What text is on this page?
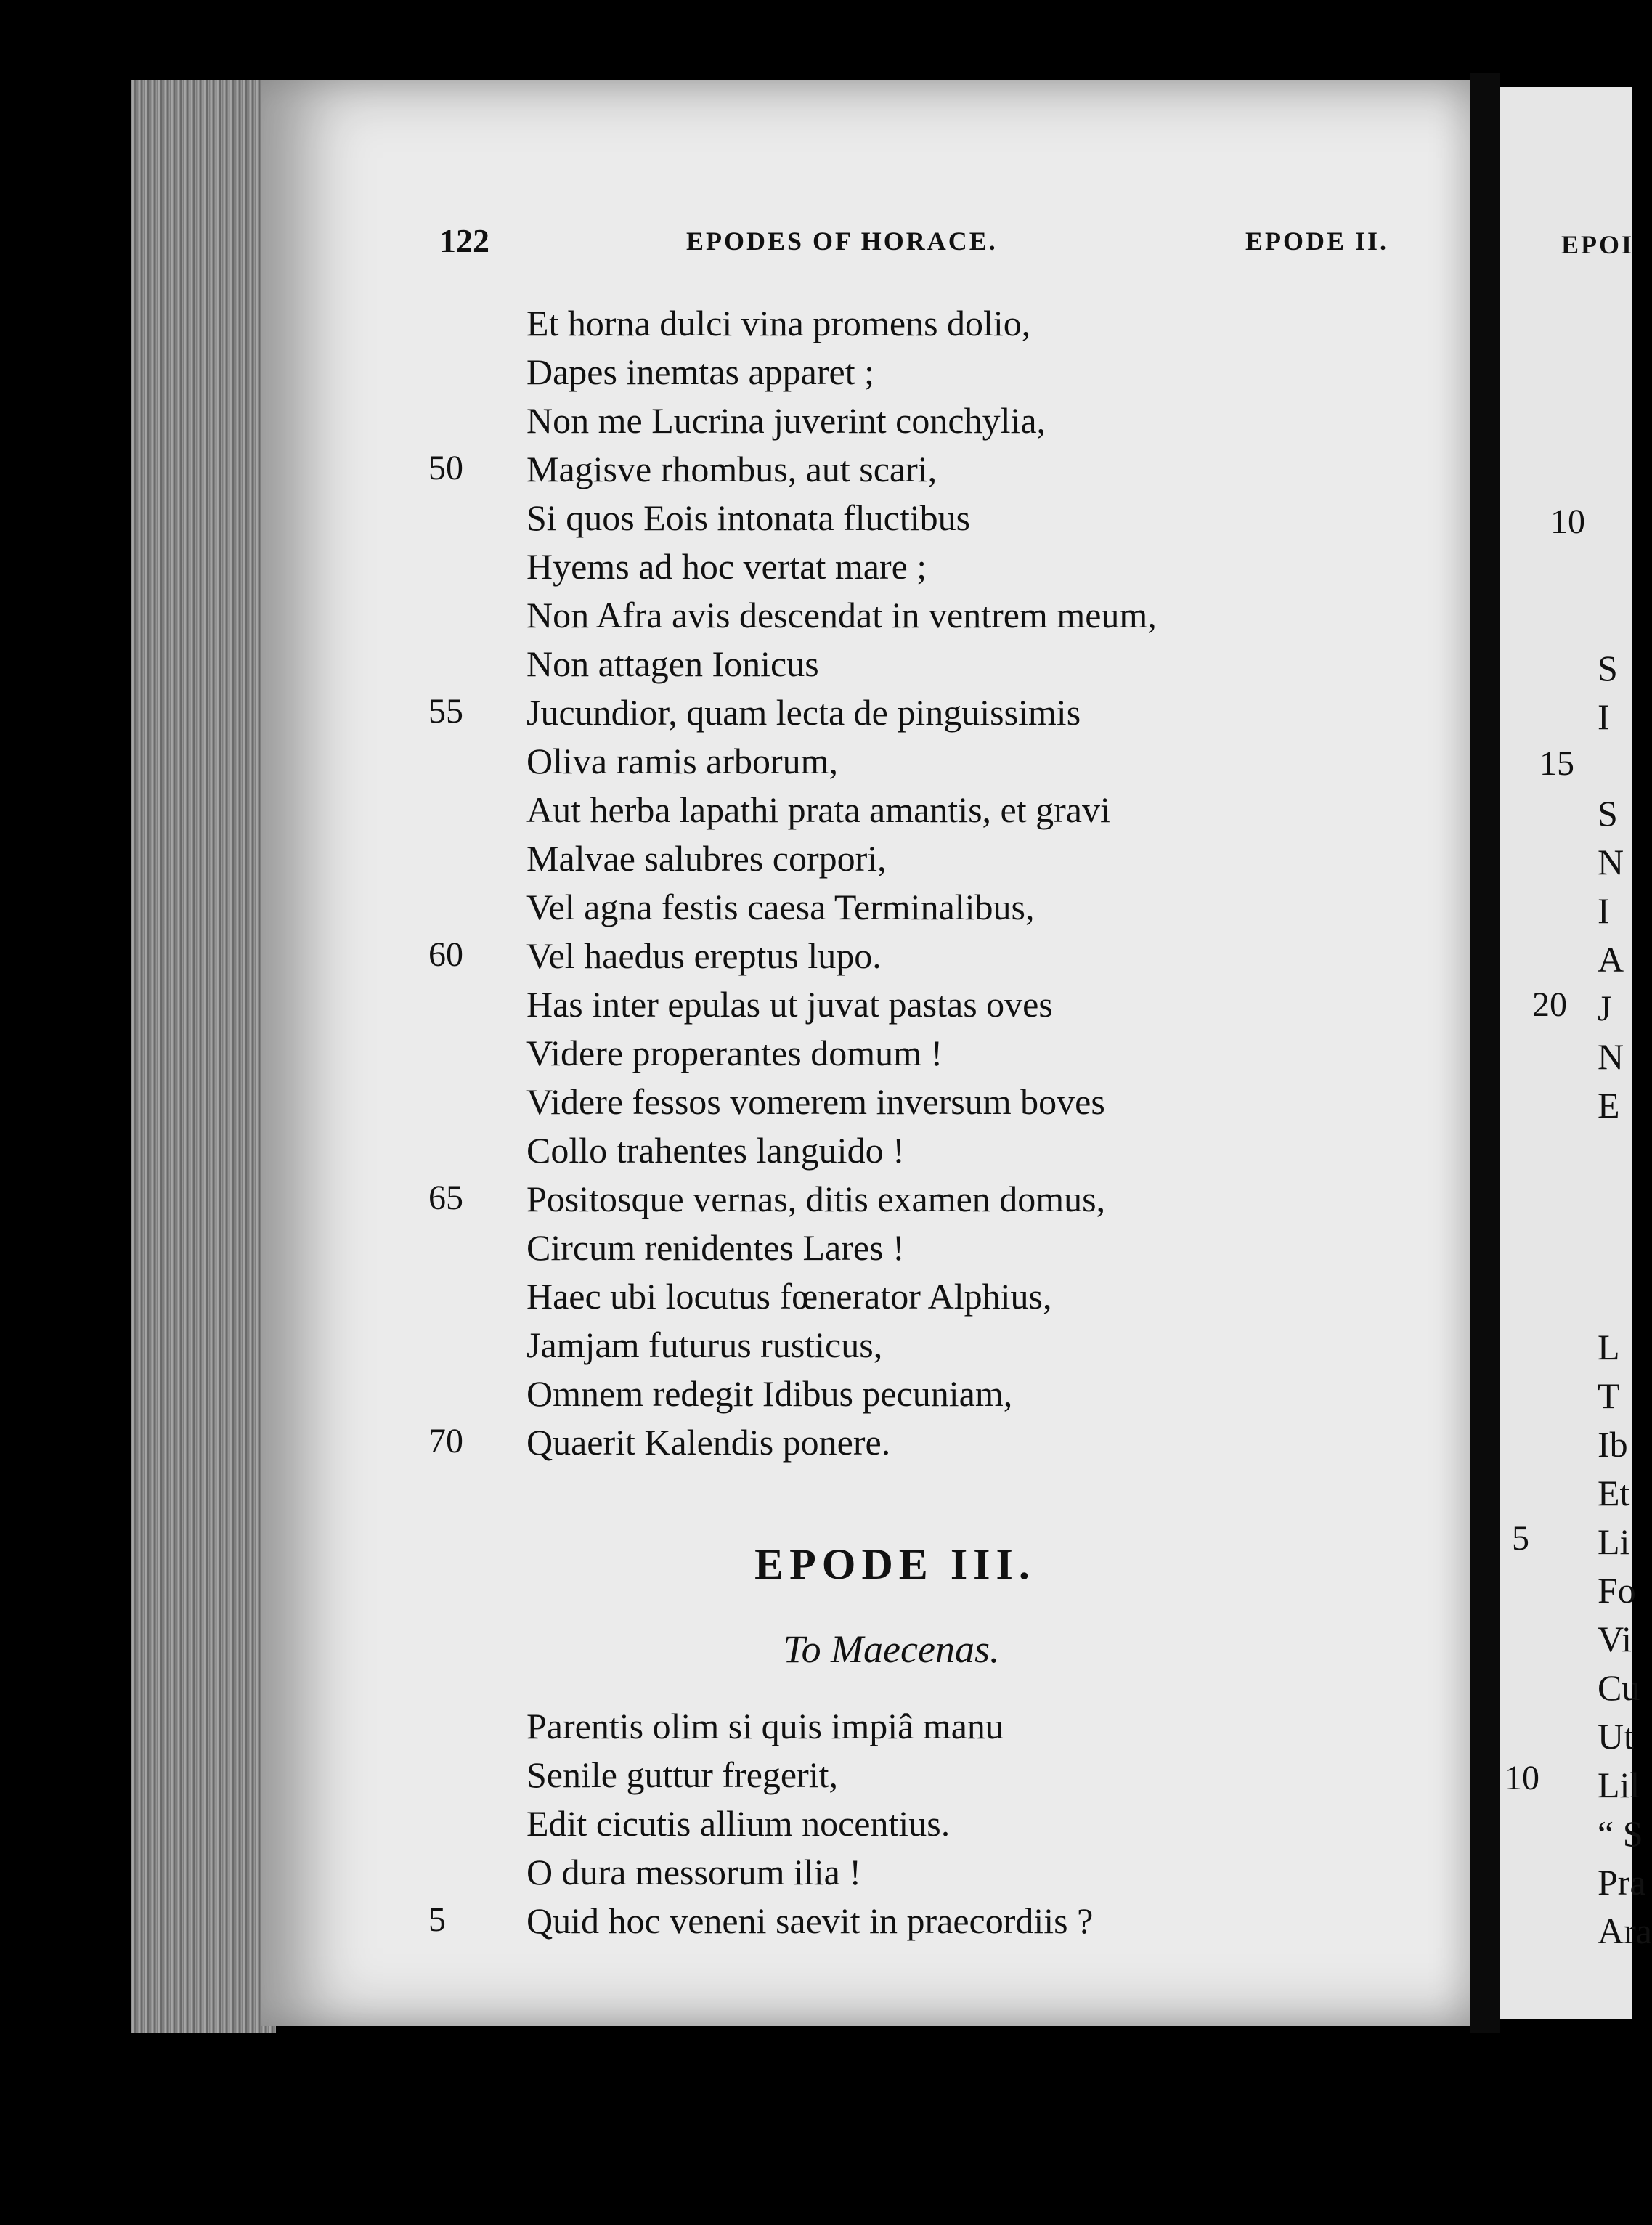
122	EPODES OF HORACE.	EPODE II.
Et horna dulci vina promens dolio,
Dapes inemtas apparet ;
Non me Lucrina juverint conchylia,
50 Magisve rhombus, aut scari,
Si quos Eois intonata fluctibus
Hyems ad hoc vertat mare ;
Non Afra avis descendat in ventrem meum,
Non attagen Ionicus
55 Jucundior, quam lecta de pinguissimis
Oliva ramis arborum,
Aut herba lapathi prata amantis, et gravi
Malvae salubres corpori,
Vel agna festis caesa Terminalibus,
60 Vel haedus ereptus lupo.
Has inter epulas ut juvat pastas oves
Videre properantes domum !
Videre fessos vomerem inversum boves
Collo trahentes languido !
65 Positosque vernas, ditis examen domus,
Circum renidentes Lares !
Haec ubi locutus fœnerator Alphius,
Jamjam futurus rusticus,
Omnem redegit Idibus pecuniam,
70 Quaerit Kalendis ponere.
EPODE III.
To Maecenas.
Parentis olim si quis impiâ manu
Senile guttur fregerit,
Edit cicutis allium nocentius.
O dura messorum ilia !
5 Quid hoc veneni saevit in praecordiis ?
EPOI
10
15
20
5
10
S
I
S
N
I
A
J
N
E
L
T
Ib
Et
Li
Fo
Vi
Cu
Ut
Lil
“ S
Pra
Ara
